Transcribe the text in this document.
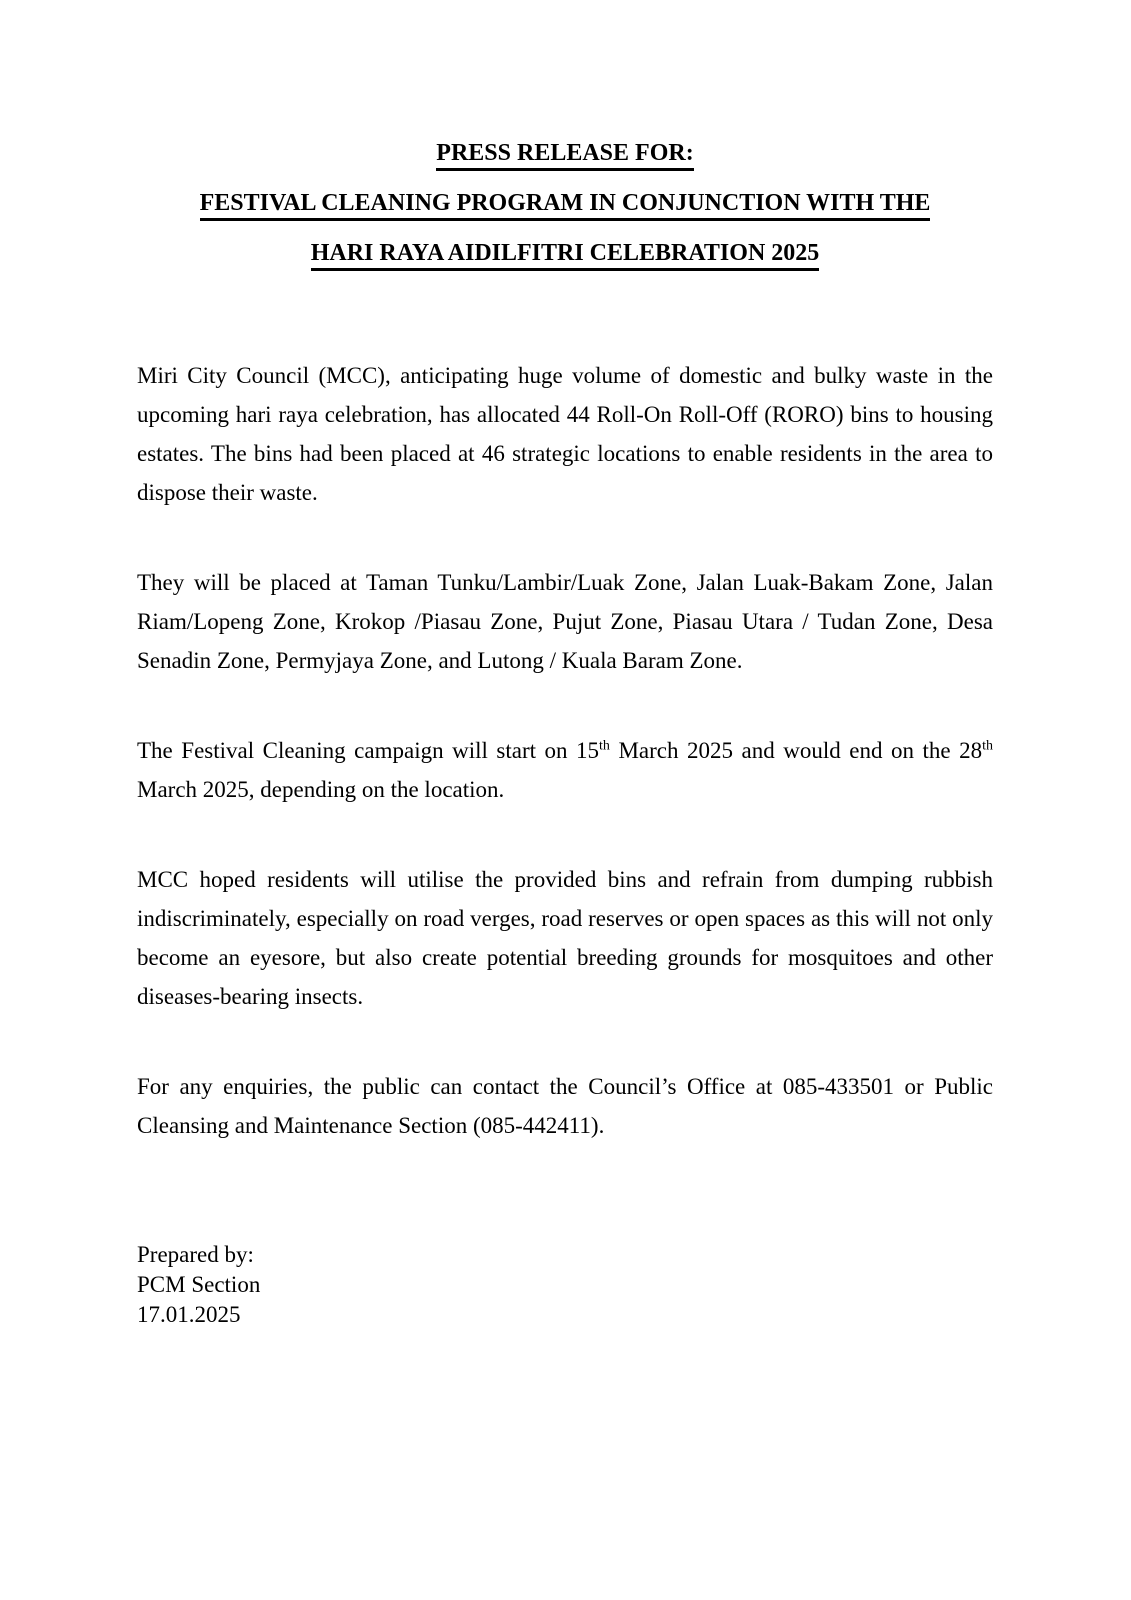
PRESS RELEASE FOR:
FESTIVAL CLEANING PROGRAM IN CONJUNCTION WITH THE
HARI RAYA AIDILFITRI CELEBRATION 2025

Miri City Council (MCC), anticipating huge volume of domestic and bulky waste in the upcoming hari raya celebration, has allocated 44 Roll-On Roll-Off (RORO) bins to housing estates. The bins had been placed at 46 strategic locations to enable residents in the area to dispose their waste.

They will be placed at Taman Tunku/Lambir/Luak Zone, Jalan Luak-Bakam Zone, Jalan Riam/Lopeng Zone, Krokop /Piasau Zone, Pujut Zone, Piasau Utara / Tudan Zone, Desa Senadin Zone, Permyjaya Zone, and Lutong / Kuala Baram Zone.

The Festival Cleaning campaign will start on 15th March 2025 and would end on the 28th March 2025, depending on the location.

MCC hoped residents will utilise the provided bins and refrain from dumping rubbish indiscriminately, especially on road verges, road reserves or open spaces as this will not only become an eyesore, but also create potential breeding grounds for mosquitoes and other diseases-bearing insects.

For any enquiries, the public can contact the Council’s Office at 085-433501 or Public Cleansing and Maintenance Section (085-442411).

Prepared by:
PCM Section
17.01.2025
